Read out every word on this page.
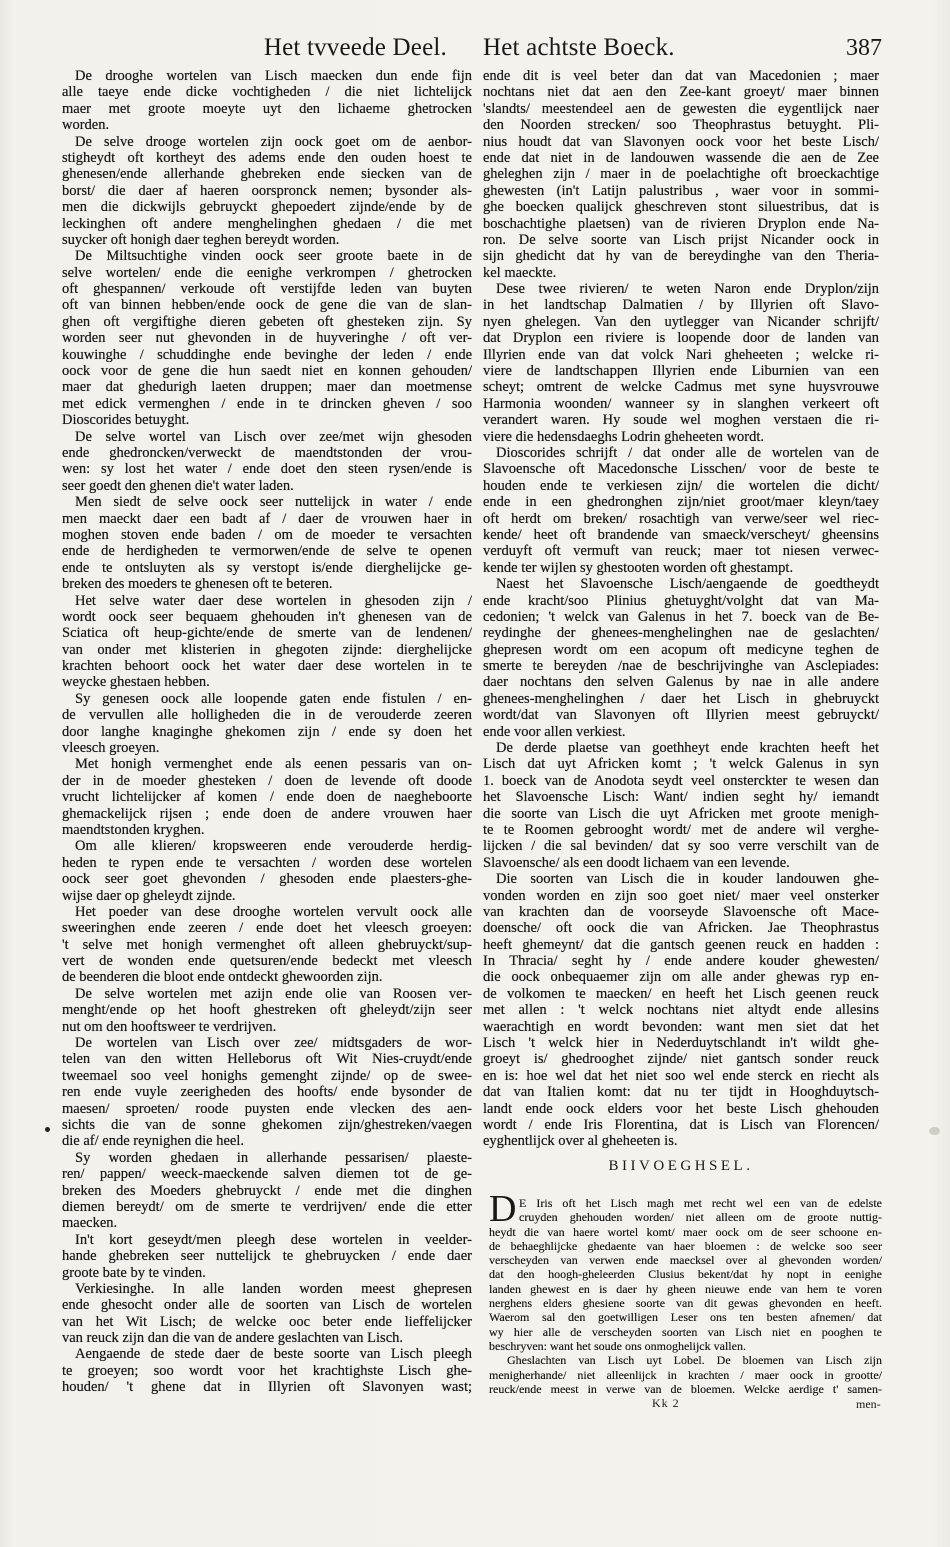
Het tvveede Deel. Het achtste Boeck.	387
De drooghe wortelen van Lisch maecken dun ende fijn
alle taeye ende dicke vochtigheden / die niet lichtelijck
maer met groote moeyte uyt den lichaeme ghetrocken
worden.
De selve drooge wortelen zijn oock goet om de aenbor-
stigheydt oft kortheyt des adems ende den ouden hoest te
ghenesen/ende allerhande ghebreken ende siecken van de
borst/ die daer af haeren oorspronck nemen; bysonder als-
men die dickwijls gebruyckt ghepoedert zijnde/ende by de
leckinghen oft andere menghelinghen ghedaen / die met
suycker oft honigh daer teghen bereydt worden.
De Miltsuchtighe vinden oock seer groote baete in de
selve wortelen/ ende die eenighe verkrompen / ghetrocken
oft ghespannen/ verkoude oft verstijfde leden van buyten
oft van binnen hebben/ende oock de gene die van de slan-
ghen oft vergiftighe dieren gebeten oft ghesteken zijn. Sy
worden seer nut ghevonden in de huyveringhe / oft ver-
kouwinghe / schuddinghe ende bevinghe der leden / ende
oock voor de gene die hun saedt niet en konnen gehouden/
maer dat ghedurigh laeten druppen; maer dan moetmense
met edick vermenghen / ende in te drincken gheven / soo
Dioscorides betuyght.
De selve wortel van Lisch over zee/met wijn ghesoden
ende ghedroncken/verweckt de maendtstonden der vrou-
wen: sy lost het water / ende doet den steen rysen/ende is
seer goedt den ghenen die't water laden.
Men siedt de selve oock seer nuttelijck in water / ende
men maeckt daer een badt af / daer de vrouwen haer in
moghen stoven ende baden / om de moeder te versachten
ende de herdigheden te vermorwen/ende de selve te openen
ende te ontsluyten als sy verstopt is/ende dierghelijcke ge-
breken des moeders te ghenesen oft te beteren.
Het selve water daer dese wortelen in ghesoden zijn /
wordt oock seer bequaem ghehouden in't ghenesen van de
Sciatica oft heup-gichte/ende de smerte van de lendenen/
van onder met klisterien in ghegoten zijnde: dierghelijcke
krachten behoort oock het water daer dese wortelen in te
weycke ghestaen hebben.
Sy genesen oock alle loopende gaten ende fistulen / en-
de vervullen alle holligheden die in de verouderde zeeren
door langhe knaginghe ghekomen zijn / ende sy doen het
vleesch groeyen.
Met honigh vermenghet ende als eenen pessaris van on-
der in de moeder ghesteken / doen de levende oft doode
vrucht lichtelijcker af komen / ende doen de naegheboorte
ghemackelijck rijsen ; ende doen de andere vrouwen haer
maendtstonden kryghen.
Om alle klieren/ kropsweeren ende verouderde herdig-
heden te rypen ende te versachten / worden dese wortelen
oock seer goet ghevonden / ghesoden ende plaesters-ghe-
wijse daer op gheleydt zijnde.
Het poeder van dese drooghe wortelen vervult oock alle
sweeringhen ende zeeren / ende doet het vleesch groeyen:
't selve met honigh vermenghet oft alleen ghebruyckt/sup-
vert de wonden ende quetsuren/ende bedeckt met vleesch
de beenderen die bloot ende ontdeckt ghewoorden zijn.
De selve wortelen met azijn ende olie van Roosen ver-
menght/ende op het hooft ghestreken oft gheleydt/zijn seer
nut om den hooftsweer te verdrijven.
De wortelen van Lisch over zee/ midtsgaders de wor-
telen van den witten Helleborus oft Wit Nies-cruydt/ende
tweemael soo veel honighs gemenght zijnde/ op de swee-
ren ende vuyle zeerigheden des hoofts/ ende bysonder de
maesen/ sproeten/ roode puysten ende vlecken des aen-
sichts die van de sonne ghekomen zijn/ghestreken/vaegen
die af/ ende reynighen die heel.
Sy worden ghedaen in allerhande pessarisen/ plaeste-
ren/ pappen/ weeck-maeckende salven diemen tot de ge-
breken des Moeders ghebruyckt / ende met die dinghen
diemen bereydt/ om de smerte te verdrijven/ ende die etter
maecken.
In't kort geseydt/men pleegh dese wortelen in veelder-
hande ghebreken seer nuttelijck te ghebruycken / ende daer
groote bate by te vinden.
Verkiesinghe. In alle landen worden meest ghepresen
ende ghesocht onder alle de soorten van Lisch de wortelen
van het Wit Lisch; de welcke ooc beter ende lieffelijcker
van reuck zijn dan die van de andere geslachten van Lisch.
Aengaende de stede daer de beste soorte van Lisch pleegh
te groeyen; soo wordt voor het krachtighste Lisch ghe-
houden/ 't ghene dat in Illyrien oft Slavonyen wast;
ende dit is veel beter dan dat van Macedonien ; maer
nochtans niet dat aen den Zee-kant groeyt/ maer binnen
'slandts/ meestendeel aen de gewesten die eygentlijck naer
den Noorden strecken/ soo Theophrastus betuyght. Pli-
nius houdt dat van Slavonyen oock voor het beste Lisch/
ende dat niet in de landouwen wassende die aen de Zee
gheleghen zijn / maer in de poelachtighe oft broeckachtige
ghewesten (in't Latijn palustribus , waer voor in sommi-
ghe boecken qualijck gheschreven stont siluestribus, dat is
boschachtighe plaetsen) van de rivieren Dryplon ende Na-
ron. De selve soorte van Lisch prijst Nicander oock in
sijn ghedicht dat hy van de bereydinghe van den Theria-
kel maeckte.
Dese twee rivieren/ te weten Naron ende Dryplon/zijn
in het landtschap Dalmatien / by Illyrien oft Slavo-
nyen ghelegen. Van den uytlegger van Nicander schrijft/
dat Dryplon een riviere is loopende door de landen van
Illyrien ende van dat volck Nari gheheeten ; welcke ri-
viere de landtschappen Illyrien ende Liburnien van een
scheyt; omtrent de welcke Cadmus met syne huysvrouwe
Harmonia woonden/ wanneer sy in slanghen verkeert oft
verandert waren. Hy soude wel moghen verstaen die ri-
viere die hedensdaeghs Lodrin gheheeten wordt.
Dioscorides schrijft / dat onder alle de wortelen van de
Slavoensche oft Macedonsche Lisschen/ voor de beste te
houden ende te verkiesen zijn/ die wortelen die dicht/
ende in een ghedronghen zijn/niet groot/maer kleyn/taey
oft herdt om breken/ rosachtigh van verwe/seer wel riec-
kende/ heet oft brandende van smaeck/verscheyt/ gheensins
verduyft oft vermuft van reuck; maer tot niesen verwec-
kende ter wijlen sy ghestooten worden oft ghestampt.
Naest het Slavoensche Lisch/aengaende de goedtheydt
ende kracht/soo Plinius ghetuyght/volght dat van Ma-
cedonien; 't welck van Galenus in het 7. boeck van de Be-
reydinghe der ghenees-menghelinghen nae de geslachten/
ghepresen wordt om een acopum oft medicyne teghen de
smerte te bereyden /nae de beschrijvinghe van Asclepiades:
daer nochtans den selven Galenus by nae in alle andere
ghenees-menghelinghen / daer het Lisch in ghebruyckt
wordt/dat van Slavonyen oft Illyrien meest gebruyckt/
ende voor allen verkiest.
De derde plaetse van goethheyt ende krachten heeft het
Lisch dat uyt Africken komt ; 't welck Galenus in syn
1. boeck van de Anodota seydt veel onsterckter te wesen dan
het Slavoensche Lisch: Want/ indien seght hy/ iemandt
die soorte van Lisch die uyt Africken met groote menigh-
te te Roomen gebrooght wordt/ met de andere wil verghe-
lijcken / die sal bevinden/ dat sy soo verre verschilt van de
Slavoensche/ als een doodt lichaem van een levende.
Die soorten van Lisch die in kouder landouwen ghe-
vonden worden en zijn soo goet niet/ maer veel onsterker
van krachten dan de voorseyde Slavoensche oft Mace-
doensche/ oft oock die van Africken. Jae Theophrastus
heeft ghemeynt/ dat die gantsch geenen reuck en hadden :
In Thracia/ seght hy / ende andere kouder ghewesten/
die oock onbequaemer zijn om alle ander ghewas ryp en-
de volkomen te maecken/ en heeft het Lisch geenen reuck
met allen : 't welck nochtans niet altydt ende allesins
waerachtigh en wordt bevonden: want men siet dat het
Lisch 't welck hier in Nederduytschlandt in't wildt ghe-
groeyt is/ ghedrooghet zijnde/ niet gantsch sonder reuck
en is: hoe wel dat het niet soo wel ende sterck en riecht als
dat van Italien komt: dat nu ter tijdt in Hooghduytsch-
landt ende oock elders voor het beste Lisch ghehouden
wordt / ende Iris Florentina, dat is Lisch van Florencen/
eyghentlijck over al gheheeten is.
BIIVOEGHSEL.
D E Iris oft het Lisch magh met recht wel een van de edelste
cruyden ghehouden worden/ niet alleen om de groote nuttig-
heydt die van haere wortel komt/ maer oock om de seer schoone en-
de behaeghlijcke ghedaente van haer bloemen : de welcke soo seer
verscheyden van verwen ende maecksel over al ghevonden worden/
dat den hoogh-gheleerden Clusius bekent/dat hy nopt in eenighe
landen ghewest en is daer hy gheen nieuwe ende van hem te voren
nerghens elders ghesiene soorte van dit gewas ghevonden en heeft.
Waerom sal den goetwilligen Leser ons ten besten afnemen/ dat
wy hier alle de verscheyden soorten van Lisch niet en pooghen te
beschryven: want het soude ons onmoghelijck vallen.
Gheslachten van Lisch uyt Lobel. De bloemen van Lisch zijn
menigherhande/ niet alleenlijck in krachten / maer oock in grootte/
reuck/ende meest in verwe van de bloemen. Welcke aerdige t' samen-
Kk 2	men-
